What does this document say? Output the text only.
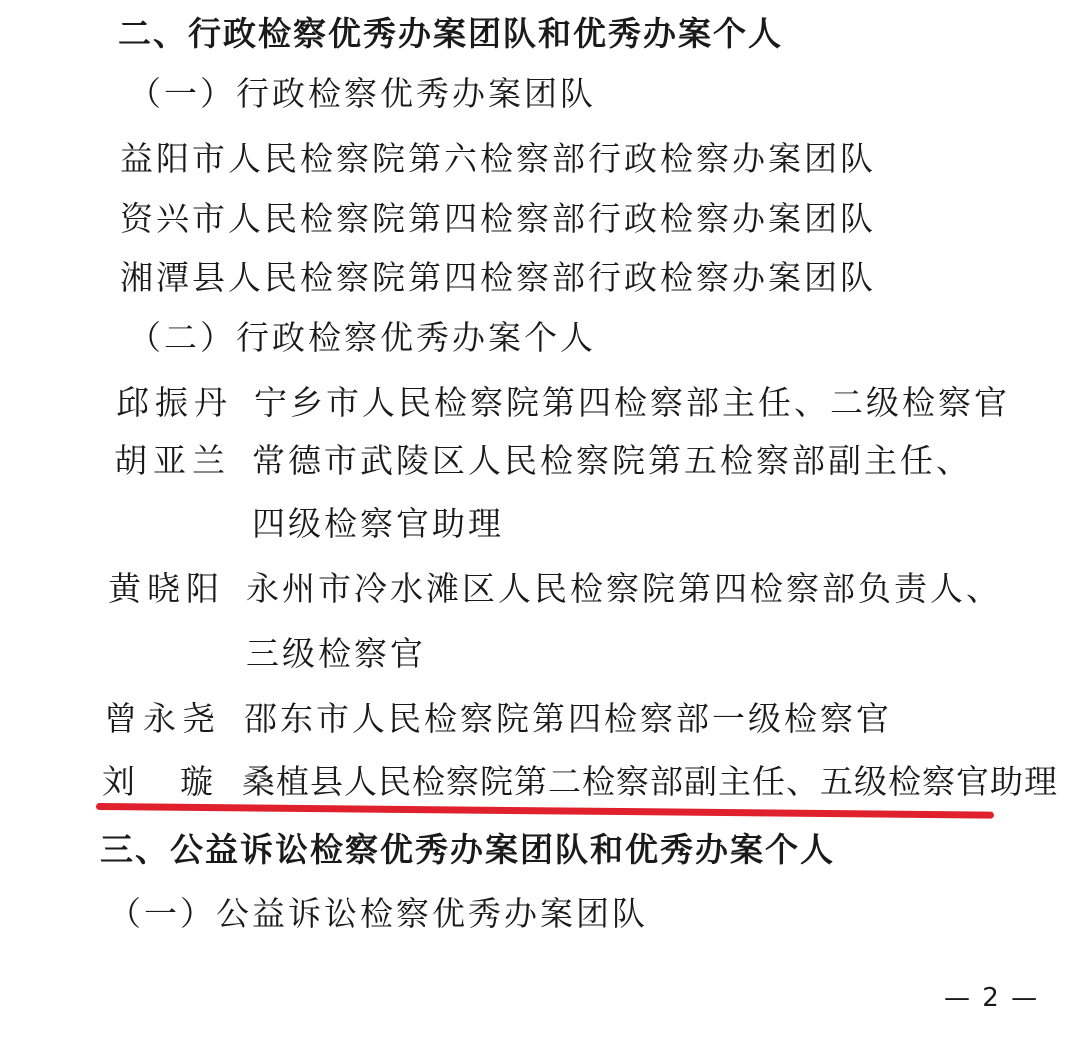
二、行政检察优秀办案团队和优秀办案个人
（一）行政检察优秀办案团队
益阳市人民检察院第六检察部行政检察办案团队
资兴市人民检察院第四检察部行政检察办案团队
湘潭县人民检察院第四检察部行政检察办案团队
（二）行政检察优秀办案个人
邱振丹 宁乡市人民检察院第四检察部主任、二级检察官
胡亚兰 常德市武陵区人民检察院第五检察部副主任、
四级检察官助理
黄晓阳 永州市冷水滩区人民检察院第四检察部负责人、
三级检察官
曾永尧 邵东市人民检察院第四检察部一级检察官
刘　璇 桑植县人民检察院第二检察部副主任、五级检察官助理
三、公益诉讼检察优秀办案团队和优秀办案个人
（一）公益诉讼检察优秀办案团队
— 2 —
